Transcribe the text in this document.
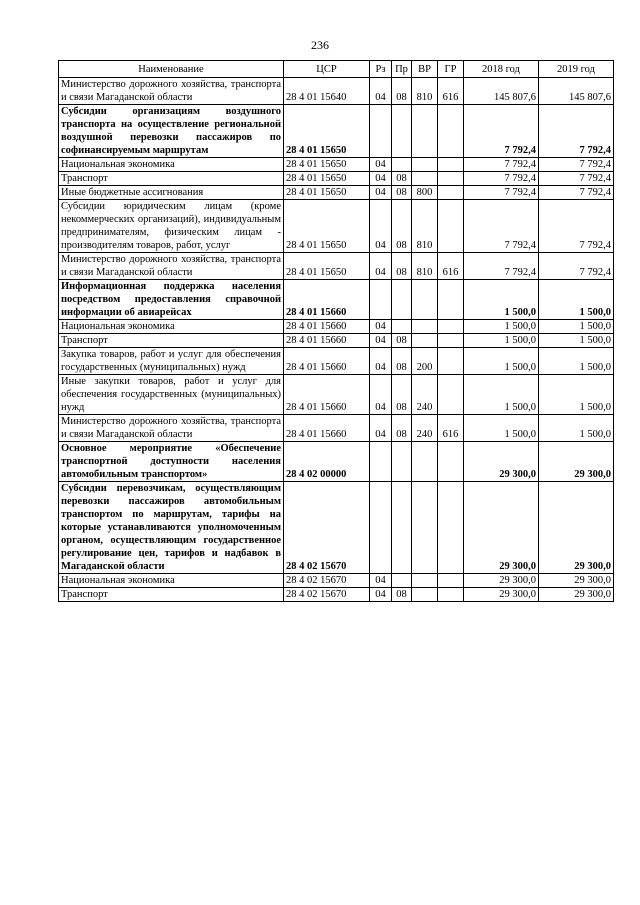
236
Наименование	ЦСР	Рз	Пр	ВР	ГР	2018 год	2019 год
Министерство дорожного хозяйства, транспорта и связи Магаданской области	28 4 01 15640	04	08	810	616	145 807,6	145 807,6
Субсидии организациям воздушного транспорта на осуществление региональной воздушной перевозки пассажиров по софинансируемым маршрутам	28 4 01 15650					7 792,4	7 792,4
Национальная экономика	28 4 01 15650	04				7 792,4	7 792,4
Транспорт	28 4 01 15650	04	08			7 792,4	7 792,4
Иные бюджетные ассигнования	28 4 01 15650	04	08	800		7 792,4	7 792,4
Субсидии юридическим лицам (кроме некоммерческих организаций), индивидуальным предпринимателям, физическим лицам - производителям товаров, работ, услуг	28 4 01 15650	04	08	810		7 792,4	7 792,4
Министерство дорожного хозяйства, транспорта и связи Магаданской области	28 4 01 15650	04	08	810	616	7 792,4	7 792,4
Информационная поддержка населения посредством предоставления справочной информации об авиарейсах	28 4 01 15660					1 500,0	1 500,0
Национальная экономика	28 4 01 15660	04				1 500,0	1 500,0
Транспорт	28 4 01 15660	04	08			1 500,0	1 500,0
Закупка товаров, работ и услуг для обеспечения государственных (муниципальных) нужд	28 4 01 15660	04	08	200		1 500,0	1 500,0
Иные закупки товаров, работ и услуг для обеспечения государственных (муниципальных) нужд	28 4 01 15660	04	08	240		1 500,0	1 500,0
Министерство дорожного хозяйства, транспорта и связи Магаданской области	28 4 01 15660	04	08	240	616	1 500,0	1 500,0
Основное мероприятие «Обеспечение транспортной доступности населения автомобильным транспортом»	28 4 02 00000					29 300,0	29 300,0
Субсидии перевозчикам, осуществляющим перевозки пассажиров автомобильным транспортом по маршрутам, тарифы на которые устанавливаются уполномоченным органом, осуществляющим государственное регулирование цен, тарифов и надбавок в Магаданской области	28 4 02 15670					29 300,0	29 300,0
Национальная экономика	28 4 02 15670	04				29 300,0	29 300,0
Транспорт	28 4 02 15670	04	08			29 300,0	29 300,0
